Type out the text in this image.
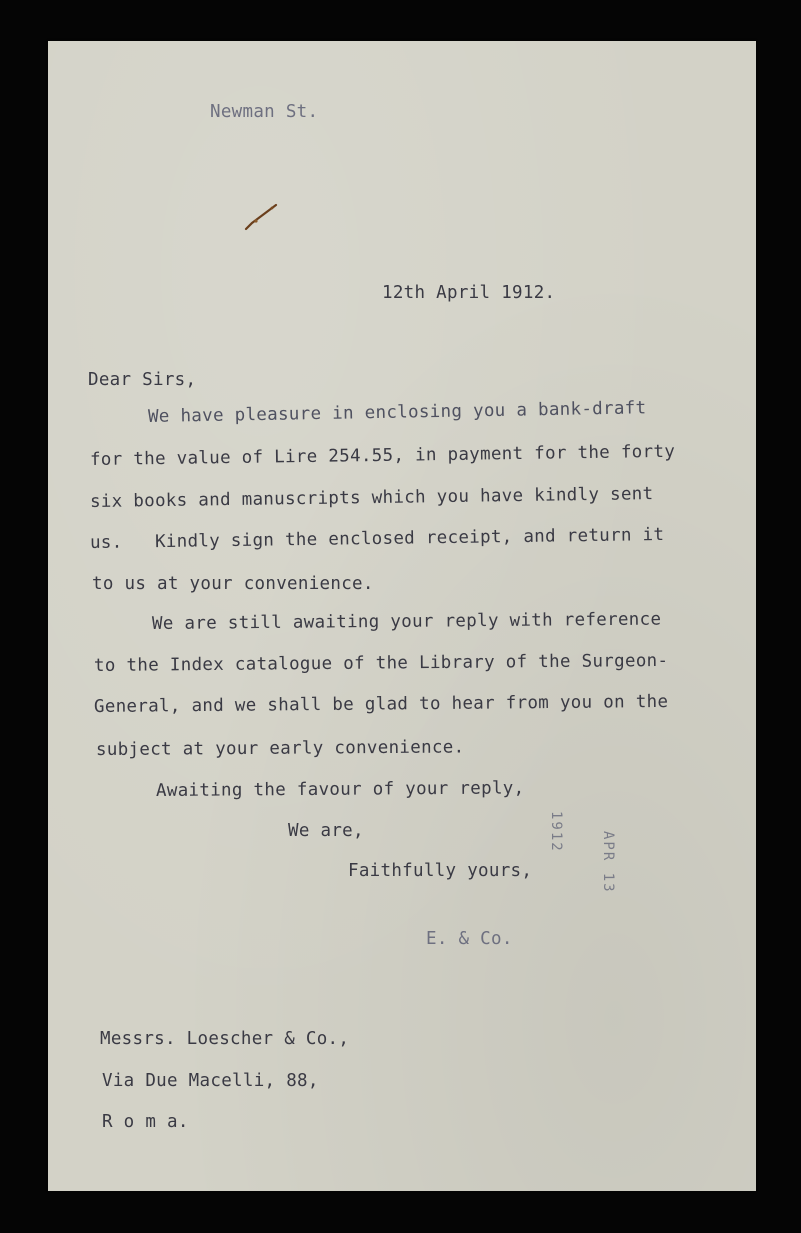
Newman St.
12th April 1912.
Dear Sirs,
We have pleasure in enclosing you a bank-draft
for the value of Lire 254.55, in payment for the forty
six books and manuscripts which you have kindly sent
us.   Kindly sign the enclosed receipt, and return it
to us at your convenience.
We are still awaiting your reply with reference
to the Index catalogue of the Library of the Surgeon-
General, and we shall be glad to hear from you on the
subject at your early convenience.
Awaiting the favour of your reply,
We are,
Faithfully yours,
E. & Co.
1912	APR 13
Messrs. Loescher & Co.,
Via Due Macelli, 88,
R o m a.
